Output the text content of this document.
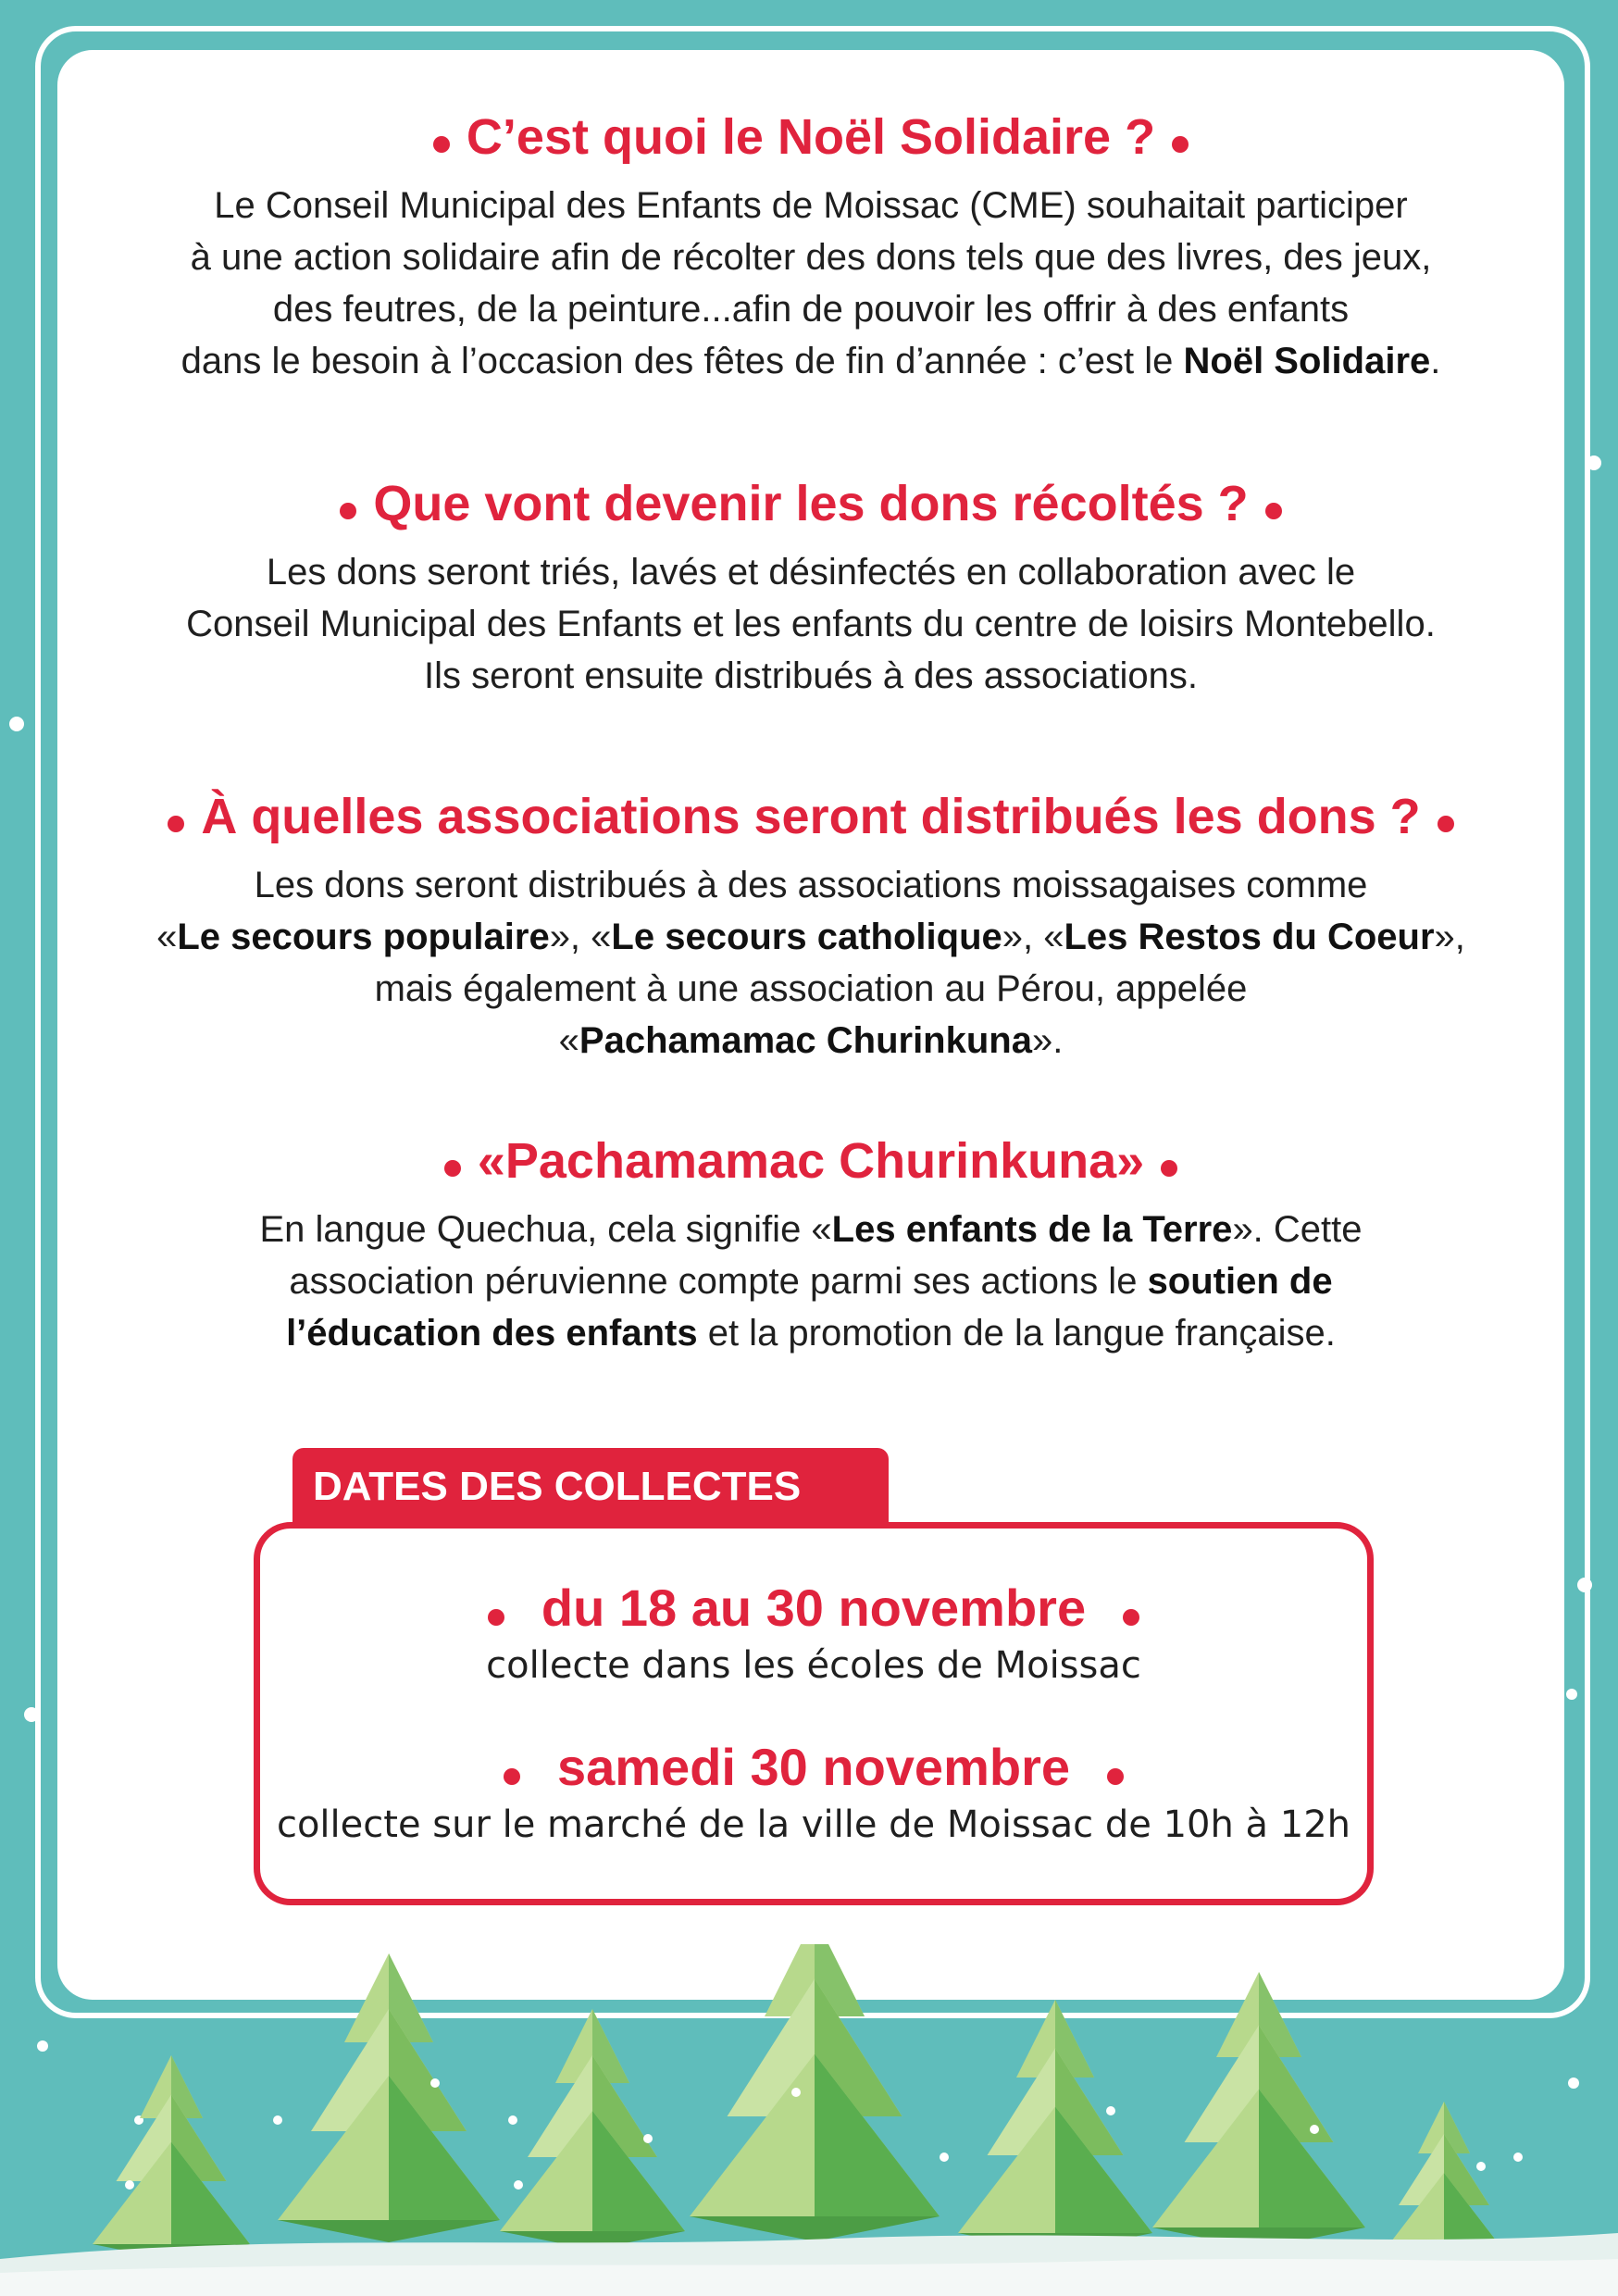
C’est quoi le Noël Solidaire ?
Le Conseil Municipal des Enfants de Moissac (CME) souhaitait participer
à une action solidaire afin de récolter des dons tels que des livres, des jeux,
des feutres, de la peinture...afin de pouvoir les offrir à des enfants
dans le besoin à l’occasion des fêtes de fin d’année : c’est le Noël Solidaire.
Que vont devenir les dons récoltés ?
Les dons seront triés, lavés et désinfectés en collaboration avec le
Conseil Municipal des Enfants et les enfants du centre de loisirs Montebello.
Ils seront ensuite distribués à des associations.
À quelles associations seront distribués les dons ?
Les dons seront distribués à des associations moissagaises comme
«Le secours populaire», «Le secours catholique», «Les Restos du Coeur»,
mais également à une association au Pérou, appelée
«Pachamamac Churinkuna».
«Pachamamac Churinkuna»
En langue Quechua, cela signifie «Les enfants de la Terre». Cette
association péruvienne compte parmi ses actions le soutien de
l’éducation des enfants et la promotion de la langue française.
DATES DES COLLECTES
du 18 au 30 novembre
collecte dans les écoles de Moissac
samedi 30 novembre
collecte sur le marché de la ville de Moissac de 10h à 12h
